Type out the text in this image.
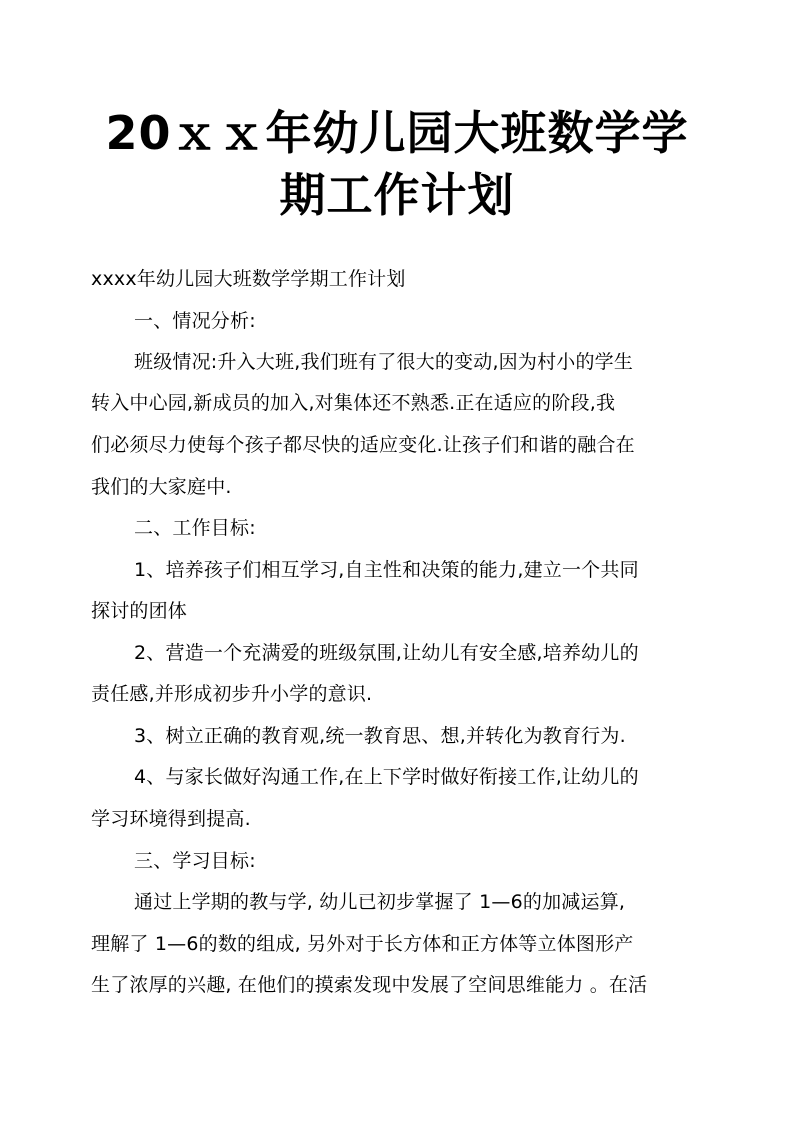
20ｘｘ年幼儿园大班数学学
期工作计划
xxxx年幼儿园大班数学学期工作计划
一、情况分析:
班级情况:升入大班,我们班有了很大的变动,因为村小的学生
转入中心园,新成员的加入,对集体还不熟悉.正在适应的阶段,我
们必须尽力使每个孩子都尽快的适应变化.让孩子们和谐的融合在
我们的大家庭中.
二、工作目标:
1、培养孩子们相互学习,自主性和决策的能力,建立一个共同
探讨的团体
2、营造一个充满爱的班级氛围,让幼儿有安全感,培养幼儿的
责任感,并形成初步升小学的意识.
3、树立正确的教育观,统一教育思、想,并转化为教育行为.
4、与家长做好沟通工作,在上下学时做好衔接工作,让幼儿的
学习环境得到提高.
三、学习目标:
通过上学期的教与学, 幼儿已初步掌握了 1—6的加减运算,
理解了 1—6的数的组成, 另外对于长方体和正方体等立体图形产
生了浓厚的兴趣, 在他们的摸索发现中发展了空间思维能力 。在活
